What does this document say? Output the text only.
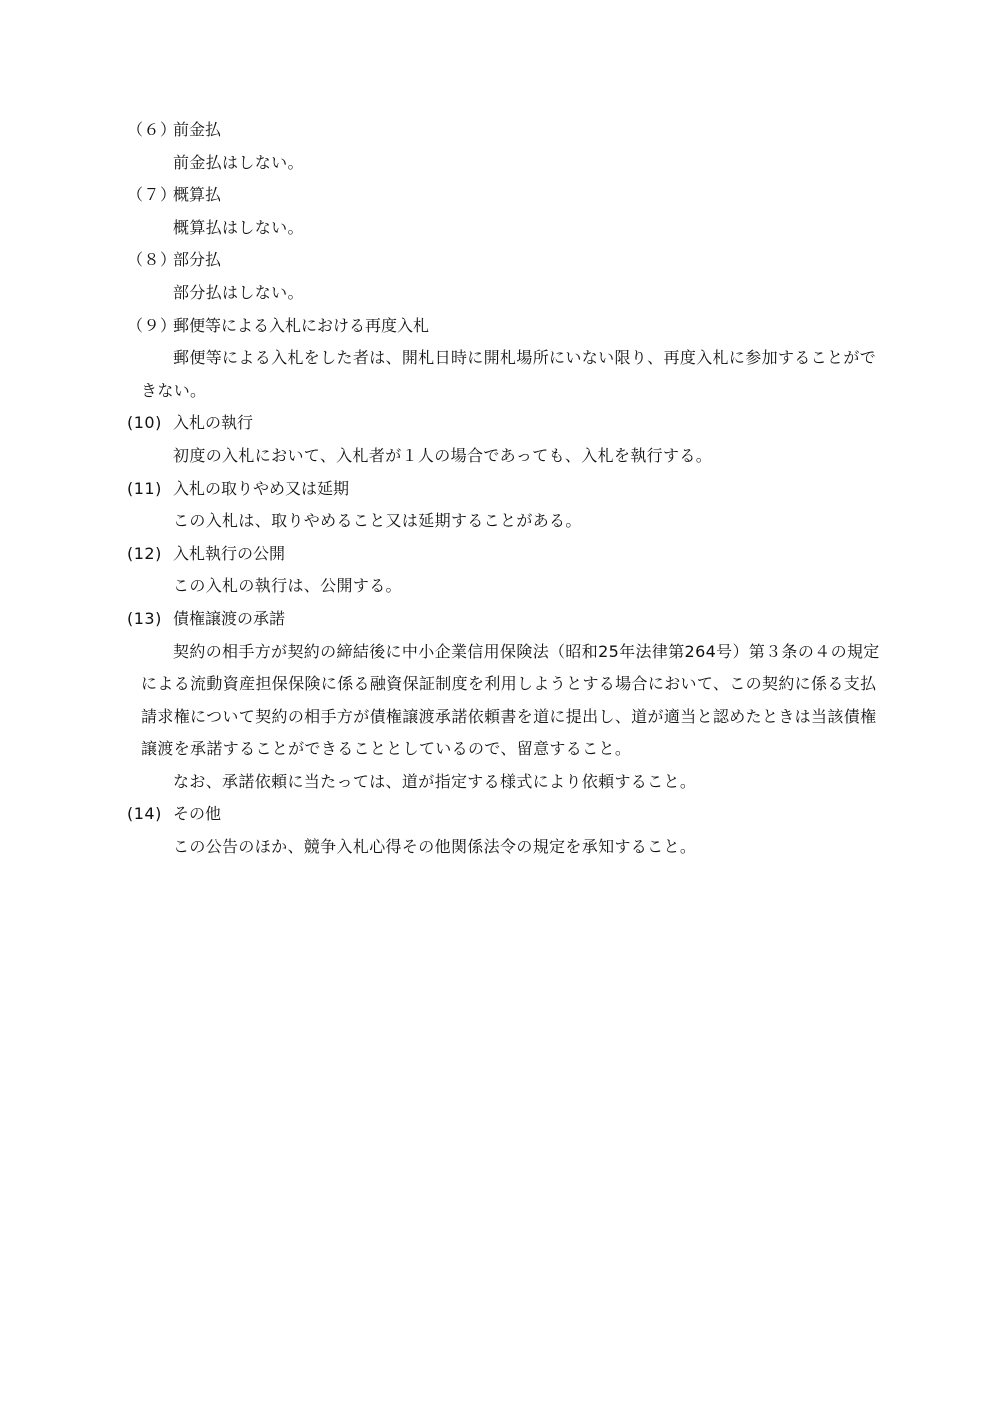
（６）
前金払

前金払はしない。

（７）
概算払

概算払はしない。

（８）
部分払

部分払はしない。

（９）
郵便等による入札における再度入札

郵便等による入札をした者は、開札日時に開札場所にいない限り、再度入札に参加することができない。

(10) 入札の執行

初度の入札において、入札者が１人の場合であっても、入札を執行する。

(11) 入札の取りやめ又は延期

この入札は、取りやめること又は延期することがある。

(12) 入札執行の公開

この入札の執行は、公開する。

(13) 債権譲渡の承諾

契約の相手方が契約の締結後に中小企業信用保険法（昭和25年法律第264号）第３条の４の規定による流動資産担保保険に係る融資保証制度を利用しようとする場合において、この契約に係る支払請求権について契約の相手方が債権譲渡承諾依頼書を道に提出し、道が適当と認めたときは当該債権譲渡を承諾することができることとしているので、留意すること。

なお、承諾依頼に当たっては、道が指定する様式により依頼すること。

(14) その他

この公告のほか、競争入札心得その他関係法令の規定を承知すること。
